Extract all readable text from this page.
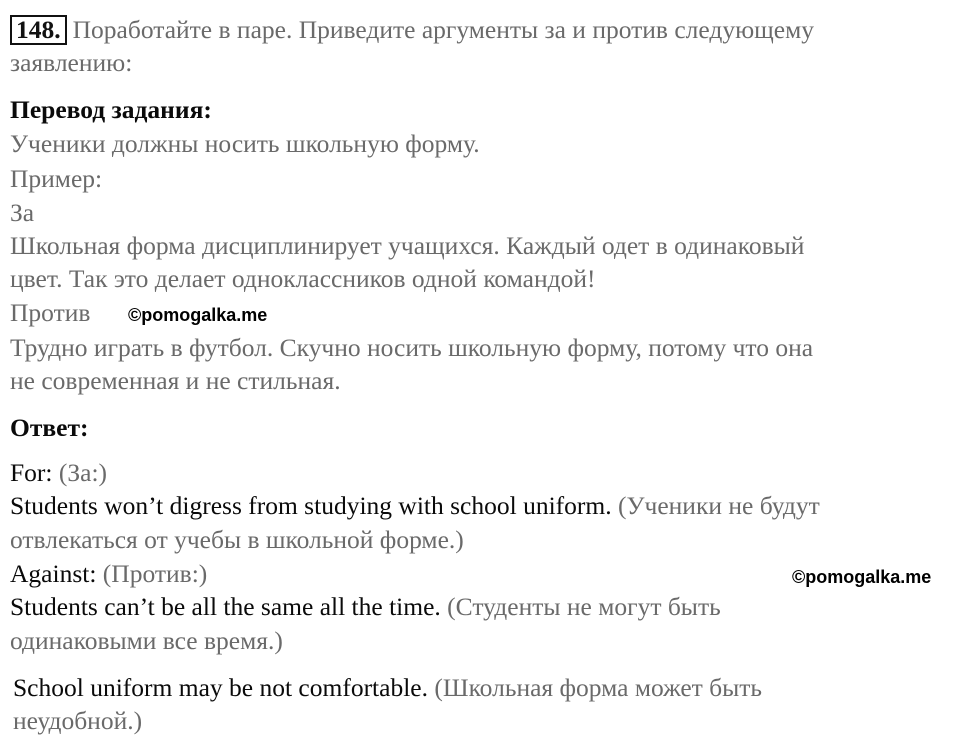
148. Поработайте в паре. Приведите аргументы за и против следующему
заявлению:
Перевод задания:
Ученики должны носить школьную форму.
Пример:
За
Школьная форма дисциплинирует учащихся. Каждый одет в одинаковый
цвет. Так это делает одноклассников одной командой!
Против ©pomogalka.me
Трудно играть в футбол. Скучно носить школьную форму, потому что она
не современная и не стильная.
Ответ:
For: (За:)
Students won’t digress from studying with school uniform. (Ученики не будут
отвлекаться от учебы в школьной форме.)
Against: (Против:)	©pomogalka.me
Students can’t be all the same all the time. (Студенты не могут быть
одинаковыми все время.)
School uniform may be not comfortable. (Школьная форма может быть
неудобной.)
